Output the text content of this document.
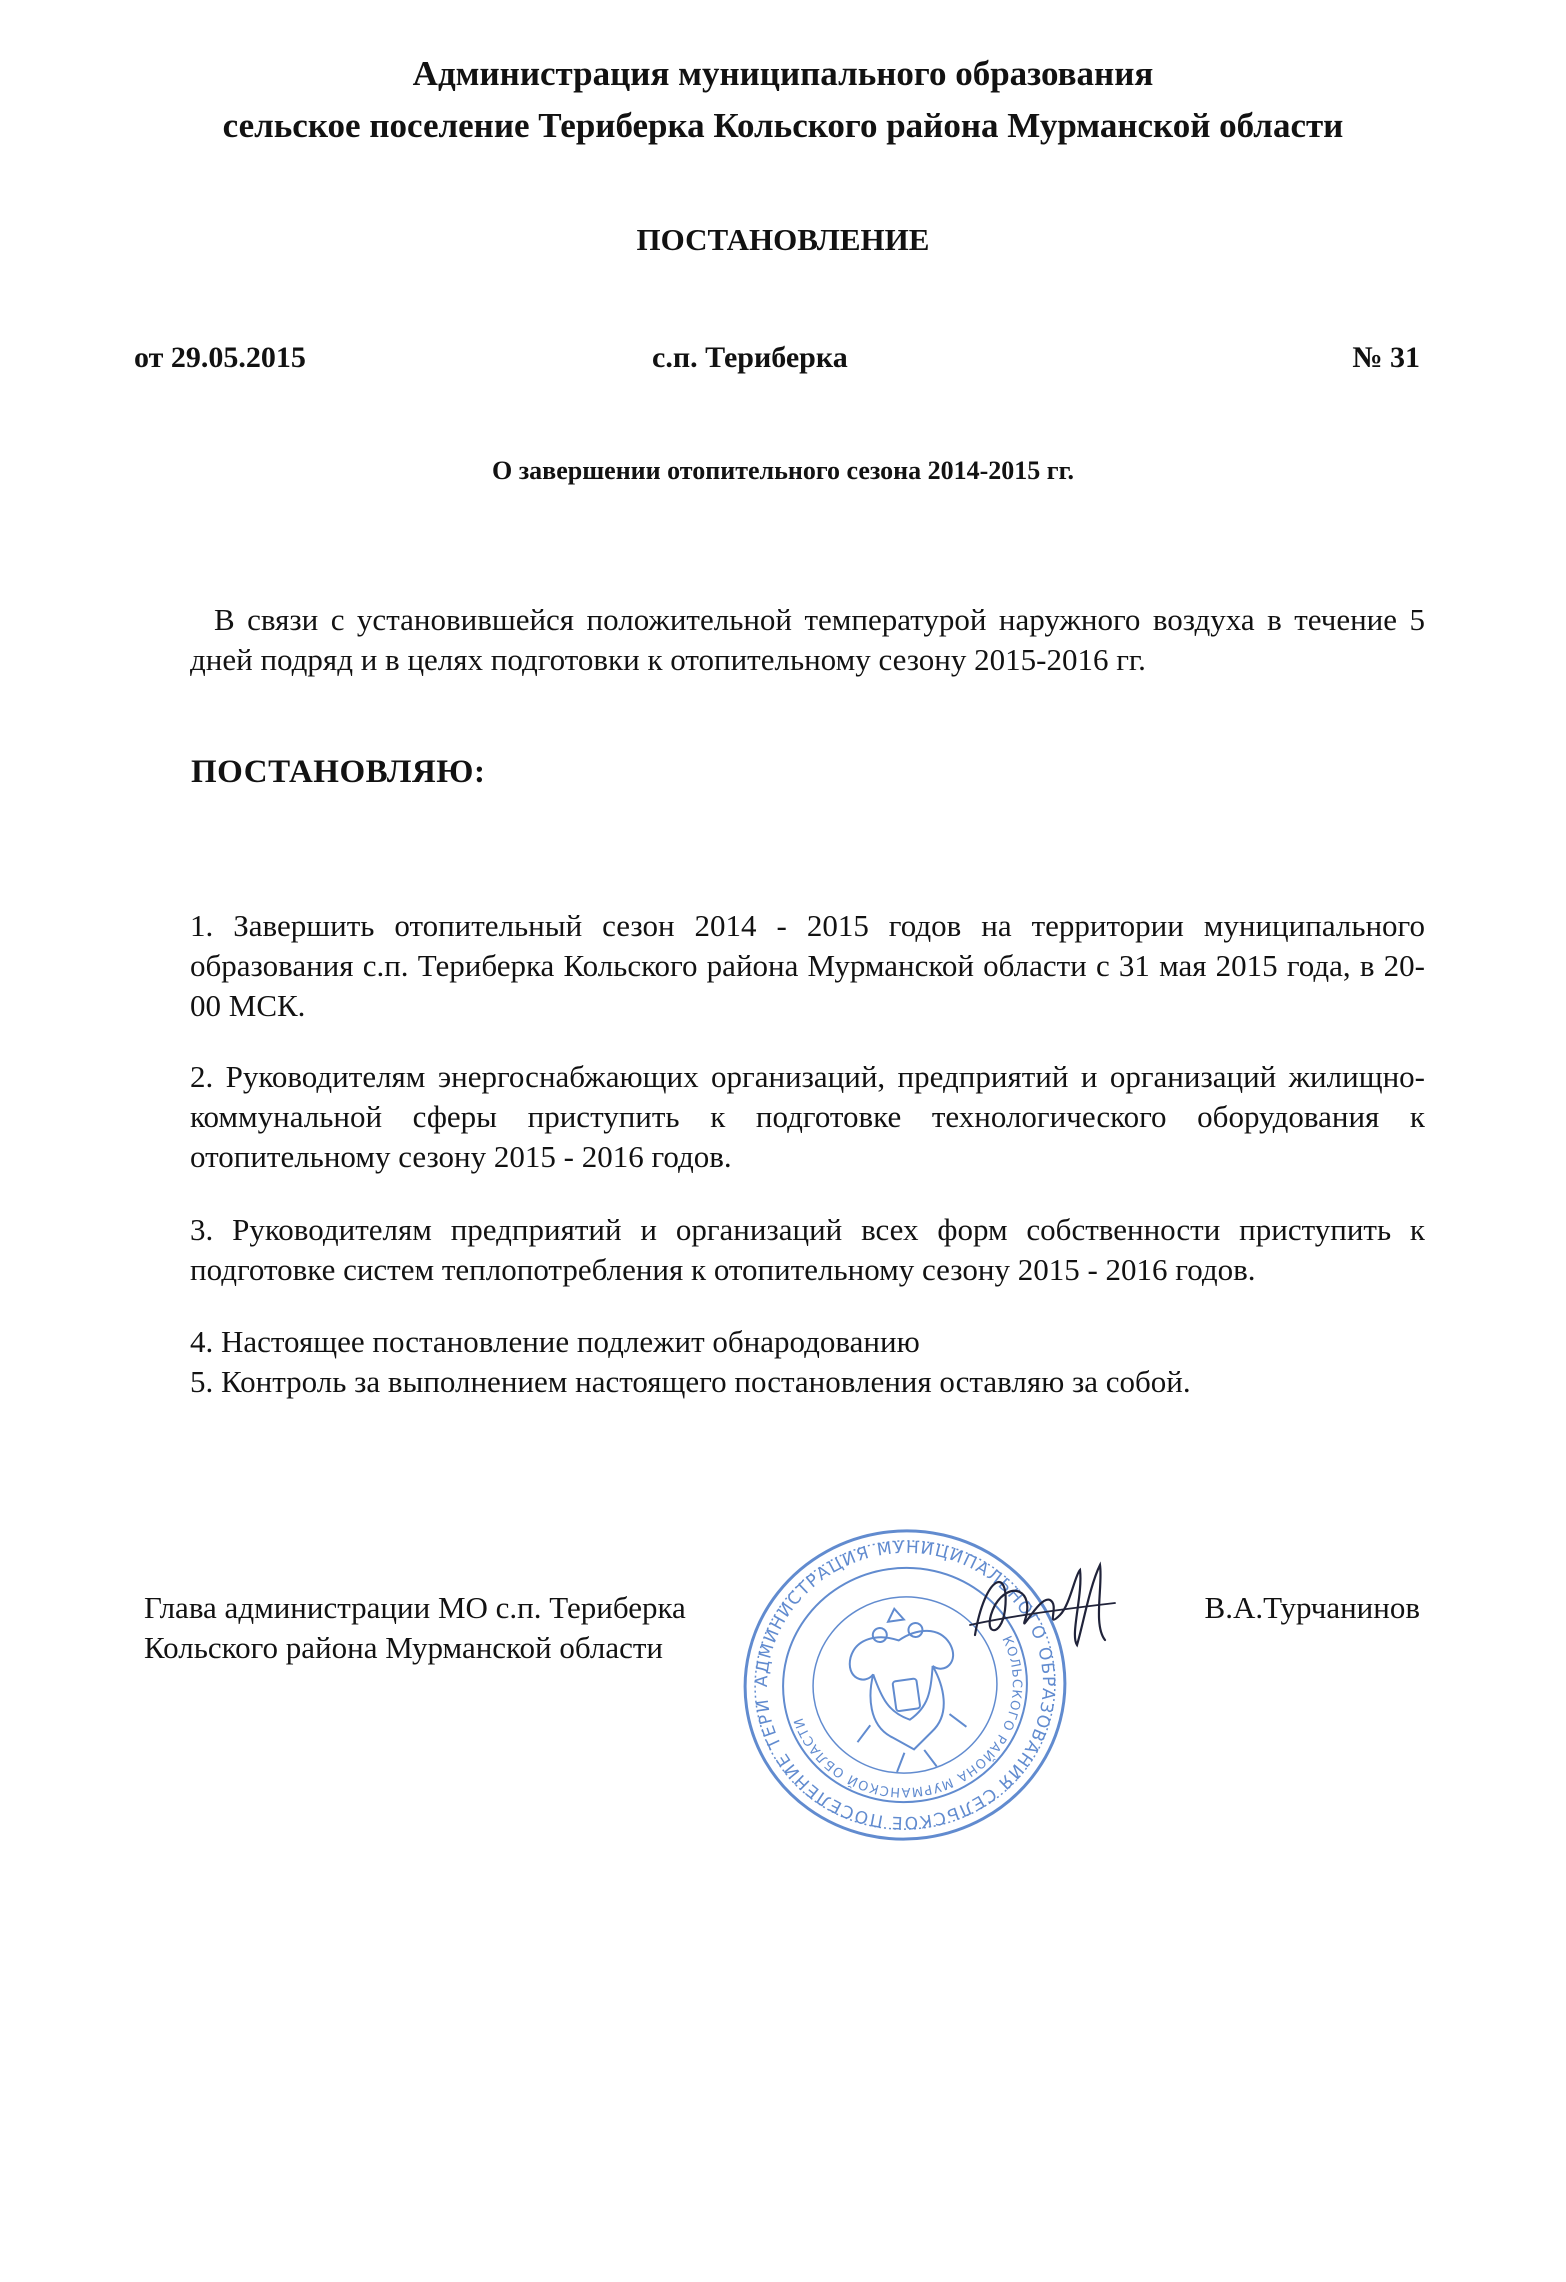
Администрация муниципального образования
сельское поселение Териберка Кольского района Мурманской области
ПОСТАНОВЛЕНИЕ
от 29.05.2015	с.п. Териберка	№ 31
О завершении отопительного сезона 2014-2015 гг.
В связи с установившейся положительной температурой наружного воздуха в течение 5 дней подряд и в целях подготовки к отопительному сезону 2015-2016 гг.
ПОСТАНОВЛЯЮ:
1. Завершить отопительный сезон 2014 - 2015 годов на территории муниципального образования с.п. Териберка Кольского района Мурманской области с 31 мая 2015 года, в 20-00 МСК.
2. Руководителям энергоснабжающих организаций, предприятий и организаций жилищно-коммунальной сферы приступить к подготовке технологического оборудования к отопительному сезону 2015 - 2016 годов.
3. Руководителям предприятий и организаций всех форм собственности приступить к подготовке систем теплопотребления к отопительному сезону 2015 - 2016 годов.
4. Настоящее постановление подлежит обнародованию
5. Контроль за выполнением настоящего постановления оставляю за собой.
Глава администрации МО с.п. Териберка
Кольского района Мурманской области
В.А.Турчанинов
АДМИНИСТРАЦИЯ МУНИЦИПАЛЬНОГО ОБРАЗОВАНИЯ СЕЛЬСКОЕ ПОСЕЛЕНИЕ ТЕРИБЕРКА
КОЛЬСКОГО РАЙОНА МУРМАНСКОЙ ОБЛАСТИ
